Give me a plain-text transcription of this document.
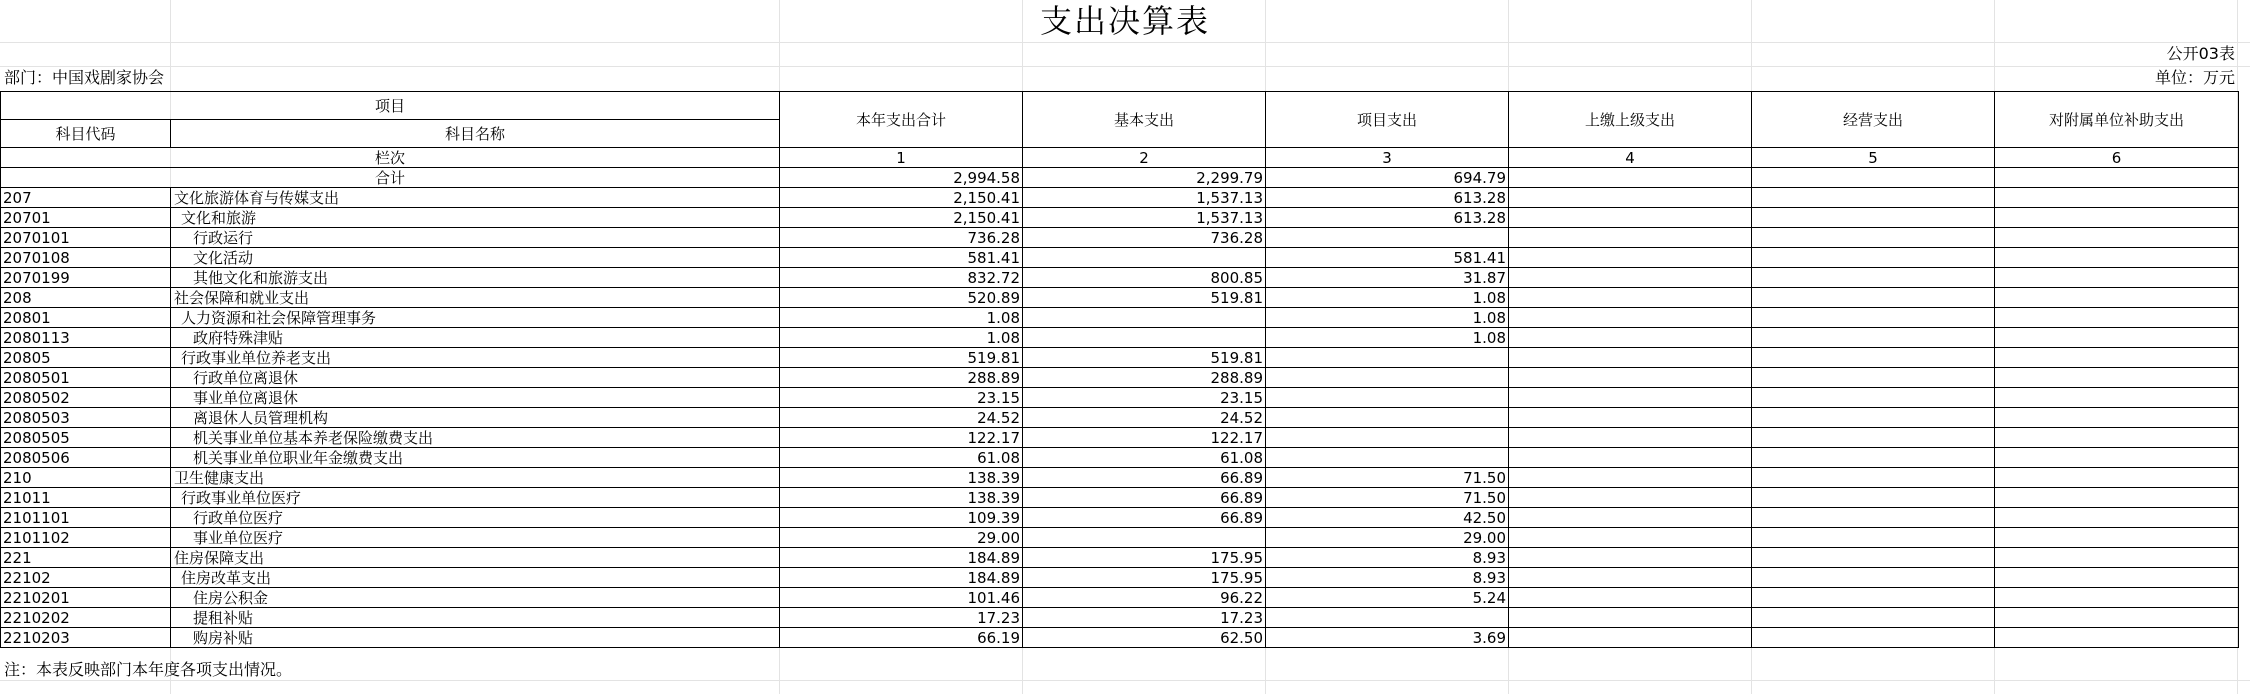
支出决算表
公开03表
部门：中国戏剧家协会	单位：万元
项目		本年支出合计	基本支出	项目支出	上缴上级支出	经营支出	对附属单位补助支出
科目代码	科目名称						
栏次		1	2	3	4	5	6
合计		2,994.58	2,299.79	694.79			
207	文化旅游体育与传媒支出	2,150.41	1,537.13	613.28			
20701	文化和旅游	2,150.41	1,537.13	613.28			
2070101	行政运行	736.28	736.28				
2070108	文化活动	581.41		581.41			
2070199	其他文化和旅游支出	832.72	800.85	31.87			
208	社会保障和就业支出	520.89	519.81	1.08			
20801	人力资源和社会保障管理事务	1.08		1.08			
2080113	政府特殊津贴	1.08		1.08			
20805	行政事业单位养老支出	519.81	519.81				
2080501	行政单位离退休	288.89	288.89				
2080502	事业单位离退休	23.15	23.15				
2080503	离退休人员管理机构	24.52	24.52				
2080505	机关事业单位基本养老保险缴费支出	122.17	122.17				
2080506	机关事业单位职业年金缴费支出	61.08	61.08				
210	卫生健康支出	138.39	66.89	71.50			
21011	行政事业单位医疗	138.39	66.89	71.50			
2101101	行政单位医疗	109.39	66.89	42.50			
2101102	事业单位医疗	29.00		29.00			
221	住房保障支出	184.89	175.95	8.93			
22102	住房改革支出	184.89	175.95	8.93			
2210201	住房公积金	101.46	96.22	5.24			
2210202	提租补贴	17.23	17.23				
2210203	购房补贴	66.19	62.50	3.69			
注：本表反映部门本年度各项支出情况。
